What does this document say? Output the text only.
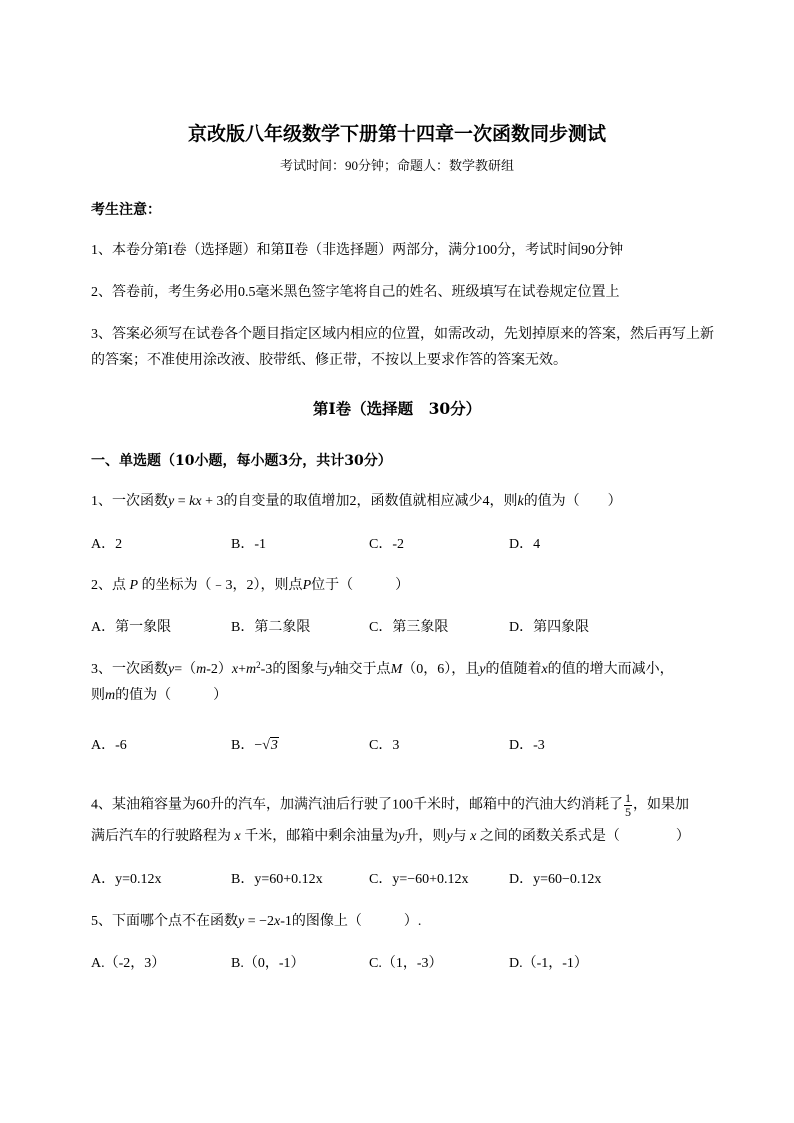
京改版八年级数学下册第十四章一次函数同步测试
考试时间：90分钟；命题人：数学教研组
考生注意：
1、本卷分第I卷（选择题）和第Ⅱ卷（非选择题）两部分，满分100分，考试时间90分钟
2、答卷前，考生务必用0.5毫米黑色签字笔将自己的姓名、班级填写在试卷规定位置上
3、答案必须写在试卷各个题目指定区域内相应的位置，如需改动，先划掉原来的答案，然后再写上新
的答案；不准使用涂改液、胶带纸、修正带，不按以上要求作答的答案无效。
第I卷（选择题　30分）
一、单选题（10小题，每小题3分，共计30分）
1、一次函数y = kx + 3的自变量的取值增加2，函数值就相应减少4，则k的值为（　　）
A．2	B．-1	C．-2	D．4
2、点 P 的坐标为（﹣3，2），则点P位于（　　　）
A．第一象限	B．第二象限	C．第三象限	D．第四象限
3、一次函数$y=(m-2)x+m^2-3$的图象与y轴交于点M（0，6），且y的值随着x的值的增大而减小，
则m的值为（　　　）
A．-6	B．−√3	C．3	D．-3
4、某油箱容量为60升的汽车，加满汽油后行驶了100千米时，邮箱中的汽油大约消耗了 $\frac{1}{5}$ ，如果加
满后汽车的行驶路程为 x 千米，邮箱中剩余油量为y升，则y与 x 之间的函数关系式是（　　　　）
A．y=0.12x	B．y=60+0.12x	C．y=−60+0.12x	D．y=60−0.12x
5、下面哪个点不在函数y = −2x-1的图像上（　　　）.
A.（-2，3）	B.（0，-1）	C.（1，-3）	D.（-1，-1）
